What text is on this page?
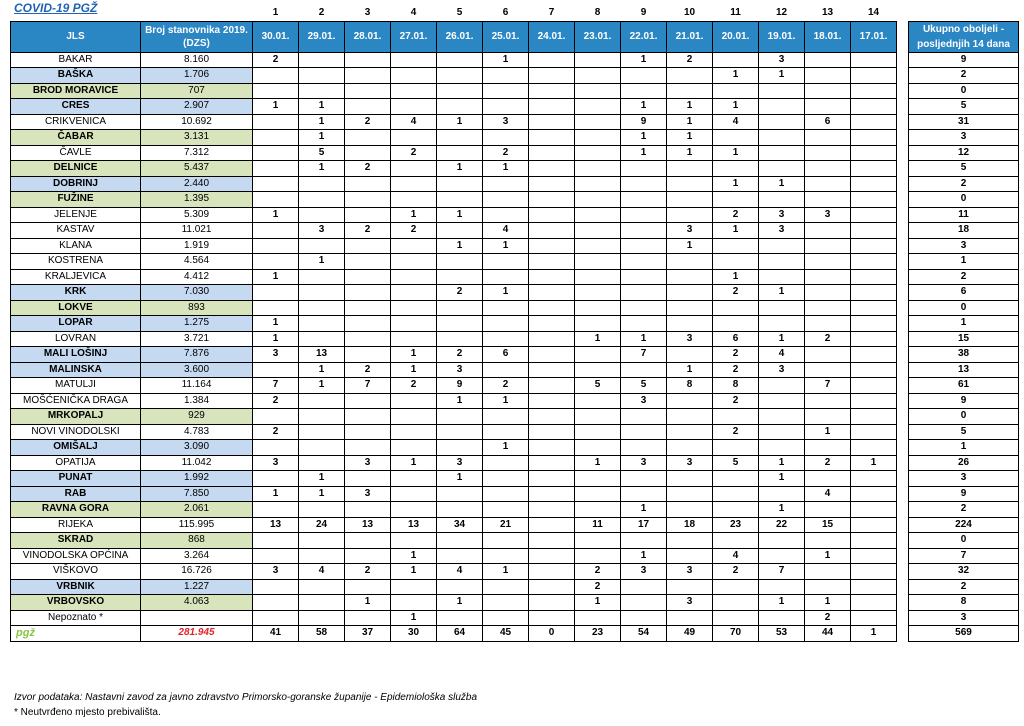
COVID-19 PGŽ
			1	2	3	4	5	6	7	8	9	10	11	12	13	14		
JLS	Broj stanovnika 2019. (DZS)	30.01.	29.01.	28.01.	27.01.	26.01.	25.01.	24.01.	23.01.	22.01.	21.01.	20.01.	19.01.	18.01.	17.01.		Ukupno oboljeli - posljednjih 14 dana
BAKAR	8.160	2					1			1	2		3				9
BAŠKA	1.706											1	1				2
BROD MORAVICE	707																0
CRES	2.907	1	1							1	1	1					5
CRIKVENICA	10.692		1	2	4	1	3			9	1	4		6			31
ČABAR	3.131		1							1	1						3
ČAVLE	7.312		5		2		2			1	1	1					12
DELNICE	5.437		1	2		1	1										5
DOBRINJ	2.440											1	1				2
FUŽINE	1.395																0
JELENJE	5.309	1			1	1						2	3	3			11
KASTAV	11.021		3	2	2		4				3	1	3				18
KLANA	1.919					1	1				1						3
KOSTRENA	4.564		1														1
KRALJEVICA	4.412	1										1					2
KRK	7.030					2	1					2	1				6
LOKVE	893																0
LOPAR	1.275	1															1
LOVRAN	3.721	1							1	1	3	6	1	2			15
MALI LOŠINJ	7.876	3	13		1	2	6			7		2	4				38
MALINSKA	3.600		1	2	1	3					1	2	3				13
MATULJI	11.164	7	1	7	2	9	2		5	5	8	8		7			61
MOŠĆENIČKA DRAGA	1.384	2				1	1			3		2					9
MRKOPALJ	929																0
NOVI VINODOLSKI	4.783	2										2		1			5
OMIŠALJ	3.090						1										1
OPATIJA	11.042	3		3	1	3			1	3	3	5	1	2	1		26
PUNAT	1.992		1			1							1				3
RAB	7.850	1	1	3										4			9
RAVNA GORA	2.061									1			1				2
RIJEKA	115.995	13	24	13	13	34	21		11	17	18	23	22	15			224
SKRAD	868																0
VINODOLSKA OPĆINA	3.264				1					1		4		1			7
VIŠKOVO	16.726	3	4	2	1	4	1		2	3	3	2	7				32
VRBNIK	1.227								2								2
VRBOVSKO	4.063			1		1			1		3		1	1			8
Nepoznato *					1									2			3
pgž	281.945	41	58	37	30	64	45	0	23	54	49	70	53	44	1		569
Izvor podataka: Nastavni zavod za javno zdravstvo Primorsko-goranske županije - Epidemiološka služba
* Neutvrđeno mjesto prebivališta.
